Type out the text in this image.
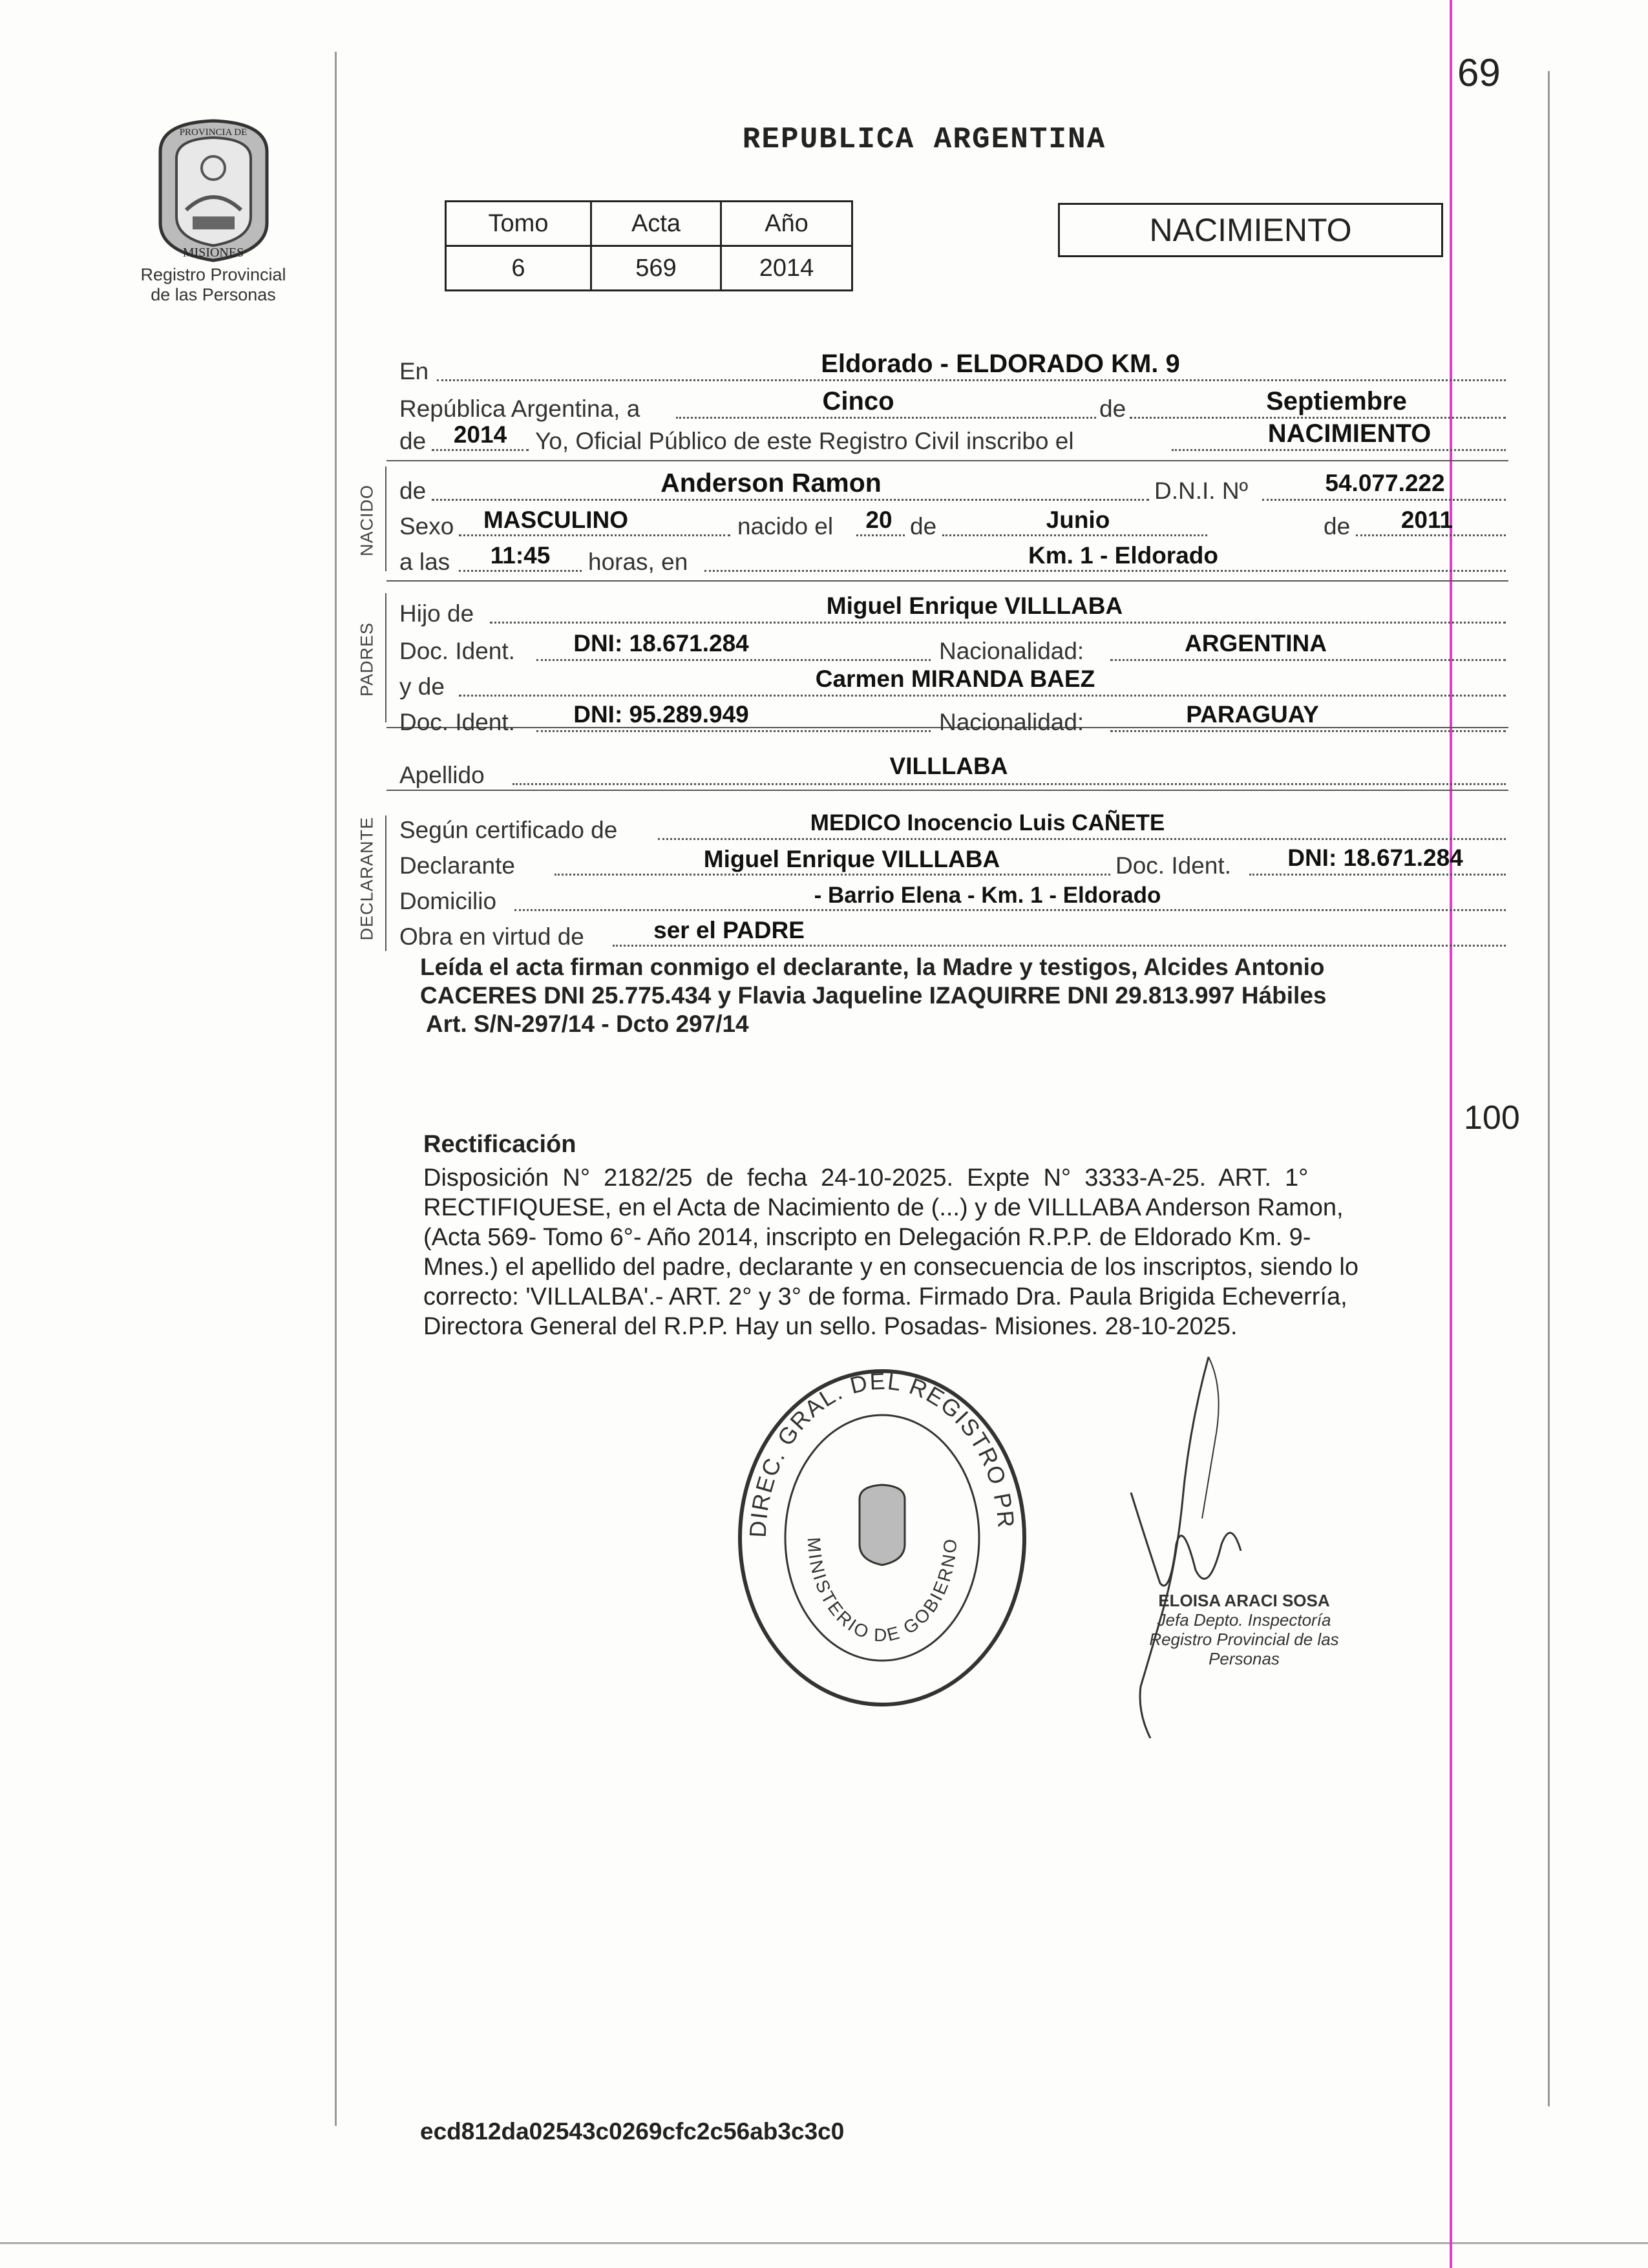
PROVINCIA DE
MISIONES
Registro Provincial
de las Personas
69
REPUBLICA ARGENTINA
Tomo	Acta	Año
6	569	2014
NACIMIENTO
NACIDO
PADRES
DECLARANTE
En	Eldorado - ELDORADO KM. 9
República Argentina, a	Cinco	de	Septiembre
de	2014	Yo, Oficial Público de este Registro Civil inscribo el	NACIMIENTO
de	Anderson Ramon	D.N.I. Nº	54.077.222
Sexo	MASCULINO	nacido el	20 de	Junio	de	2011
a las	11:45	horas, en	Km. 1 - Eldorado
Hijo de	Miguel Enrique VILLLABA
Doc. Ident.	DNI: 18.671.284	Nacionalidad:	ARGENTINA
y de	Carmen MIRANDA BAEZ
Doc. Ident.	DNI: 95.289.949	Nacionalidad:	PARAGUAY
Apellido	VILLLABA
Según certificado de	MEDICO Inocencio Luis CAÑETE
Declarante	Miguel Enrique VILLLABA	Doc. Ident.	DNI: 18.671.284
Domicilio	- Barrio Elena - Km. 1 - Eldorado
Obra en virtud de	ser el PADRE
Leída el acta firman conmigo el declarante, la Madre y testigos, Alcides Antonio
CACERES DNI 25.775.434 y Flavia Jaqueline IZAQUIRRE DNI 29.813.997 Hábiles
Art. S/N-297/14 - Dcto 297/14
100
Rectificación
Disposición  N°  2182/25  de  fecha  24-10-2025.  Expte  N°  3333-A-25.  ART.  1°
RECTIFIQUESE, en el Acta de Nacimiento de (...) y de VILLLABA Anderson Ramon,
(Acta 569- Tomo 6°- Año 2014, inscripto en Delegación R.P.P. de Eldorado Km. 9-
Mnes.) el apellido del padre, declarante y en consecuencia de los inscriptos, siendo lo
correcto: 'VILLALBA'.- ART. 2° y 3° de forma. Firmado Dra. Paula Brigida Echeverría,
Directora General del R.P.P. Hay un sello. Posadas- Misiones. 28-10-2025.
DIREC. GRAL. DEL REGISTRO PR
MINISTERIO DE GOBIERNO
ELOISA ARACI SOSA
Jefa Depto. Inspectoría
Registro Provincial de las Personas
ecd812da02543c0269cfc2c56ab3c3c0
